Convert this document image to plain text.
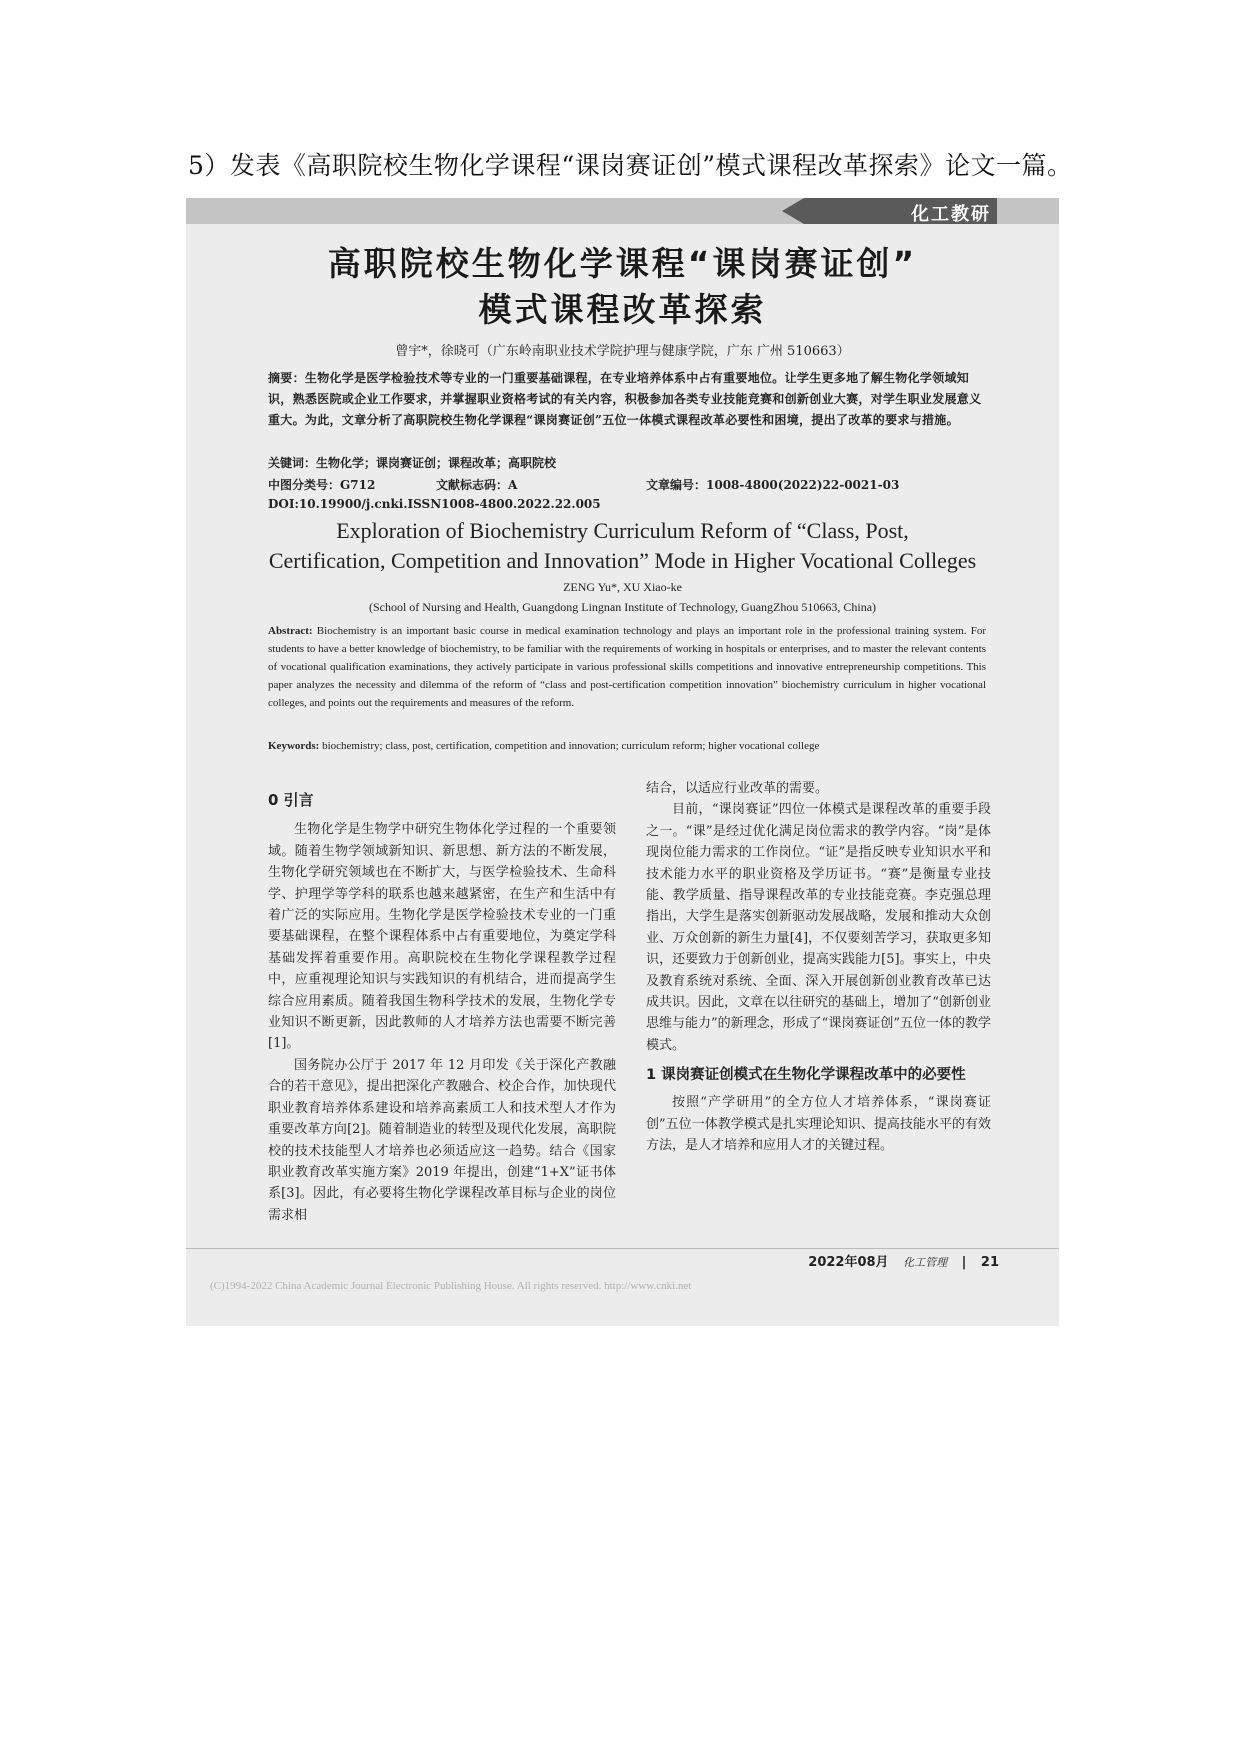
5）发表《高职院校生物化学课程“课岗赛证创”模式课程改革探索》论文一篇。
化工教研
高职院校生物化学课程“课岗赛证创”
模式课程改革探索
曾宇*，徐晓可（广东岭南职业技术学院护理与健康学院，广东 广州 510663）
摘要：生物化学是医学检验技术等专业的一门重要基础课程，在专业培养体系中占有重要地位。让学生更多地了解生物化学领域知识，熟悉医院或企业工作要求，并掌握职业资格考试的有关内容，积极参加各类专业技能竞赛和创新创业大赛，对学生职业发展意义重大。为此，文章分析了高职院校生物化学课程“课岗赛证创”五位一体模式课程改革必要性和困境，提出了改革的要求与措施。
关键词：生物化学；课岗赛证创；课程改革；高职院校
中图分类号：G712	文献标志码：A	文章编号：1008-4800(2022)22-0021-03
DOI:10.19900/j.cnki.ISSN1008-4800.2022.22.005
Exploration of Biochemistry Curriculum Reform of “Class, Post,
Certification, Competition and Innovation” Mode in Higher Vocational Colleges
ZENG Yu*, XU Xiao-ke
(School of Nursing and Health, Guangdong Lingnan Institute of Technology, GuangZhou 510663, China)
Abstract: Biochemistry is an important basic course in medical examination technology and plays an important role in the professional training system. For students to have a better knowledge of biochemistry, to be familiar with the requirements of working in hospitals or enterprises, and to master the relevant contents of vocational qualification examinations, they actively participate in various professional skills competitions and innovative entrepreneurship competitions. This paper analyzes the necessity and dilemma of the reform of “class and post-certification competition innovation” biochemistry curriculum in higher vocational colleges, and points out the requirements and measures of the reform.
Keywords: biochemistry; class, post, certification, competition and innovation; curriculum reform; higher vocational college
0 引言

生物化学是生物学中研究生物体化学过程的一个重要领域。随着生物学领域新知识、新思想、新方法的不断发展，生物化学研究领域也在不断扩大，与医学检验技术、生命科学、护理学等学科的联系也越来越紧密，在生产和生活中有着广泛的实际应用。生物化学是医学检验技术专业的一门重要基础课程，在整个课程体系中占有重要地位，为奠定学科基础发挥着重要作用。高职院校在生物化学课程教学过程中，应重视理论知识与实践知识的有机结合，进而提高学生综合应用素质。随着我国生物科学技术的发展，生物化学专业知识不断更新，因此教师的人才培养方法也需要不断完善[1]。

国务院办公厅于 2017 年 12 月印发《关于深化产教融合的若干意见》，提出把深化产教融合、校企合作，加快现代职业教育培养体系建设和培养高素质工人和技术型人才作为重要改革方向[2]。随着制造业的转型及现代化发展，高职院校的技术技能型人才培养也必须适应这一趋势。结合《国家职业教育改革实施方案》2019 年提出，创建“1+X”证书体系[3]。因此，有必要将生物化学课程改革目标与企业的岗位需求相

结合，以适应行业改革的需要。

目前，“课岗赛证”四位一体模式是课程改革的重要手段之一。“课”是经过优化满足岗位需求的教学内容。“岗”是体现岗位能力需求的工作岗位。“证”是指反映专业知识水平和技术能力水平的职业资格及学历证书。“赛”是衡量专业技能、教学质量、指导课程改革的专业技能竞赛。李克强总理指出，大学生是落实创新驱动发展战略，发展和推动大众创业、万众创新的新生力量[4]，不仅要刻苦学习，获取更多知识，还要致力于创新创业，提高实践能力[5]。事实上，中央及教育系统对系统、全面、深入开展创新创业教育改革已达成共识。因此，文章在以往研究的基础上，增加了“创新创业思维与能力”的新理念，形成了“课岗赛证创”五位一体的教学模式。

1 课岗赛证创模式在生物化学课程改革中的必要性

按照“产学研用”的全方位人才培养体系，“课岗赛证创”五位一体教学模式是扎实理论知识、提高技能水平的有效方法，是人才培养和应用人才的关键过程。

2022年08月 化工管理 | 21
(C)1994-2022 China Academic Journal Electronic Publishing House. All rights reserved. http://www.cnki.net
